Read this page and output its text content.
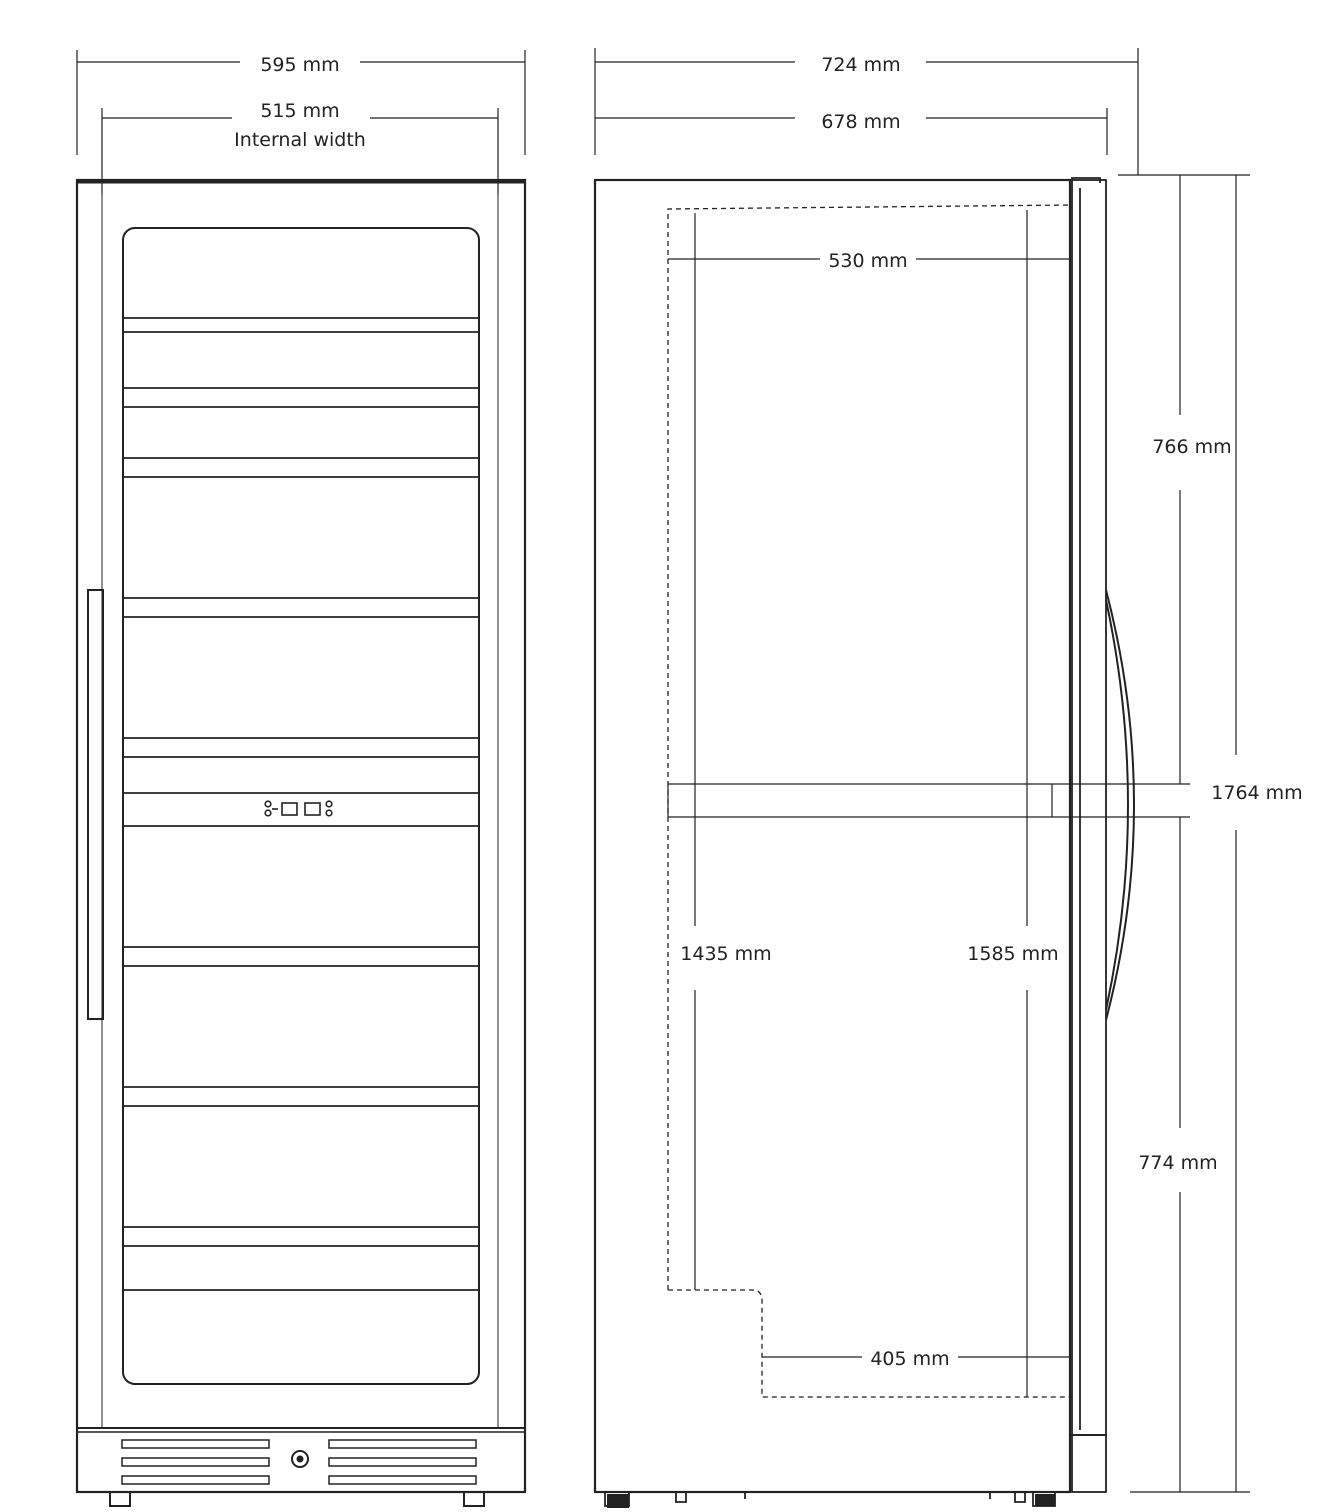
595 mm
515 mm
Internal width
724 mm
678 mm
530 mm
405 mm
1435 mm	1585 mm
766 mm
1764 mm
774 mm
